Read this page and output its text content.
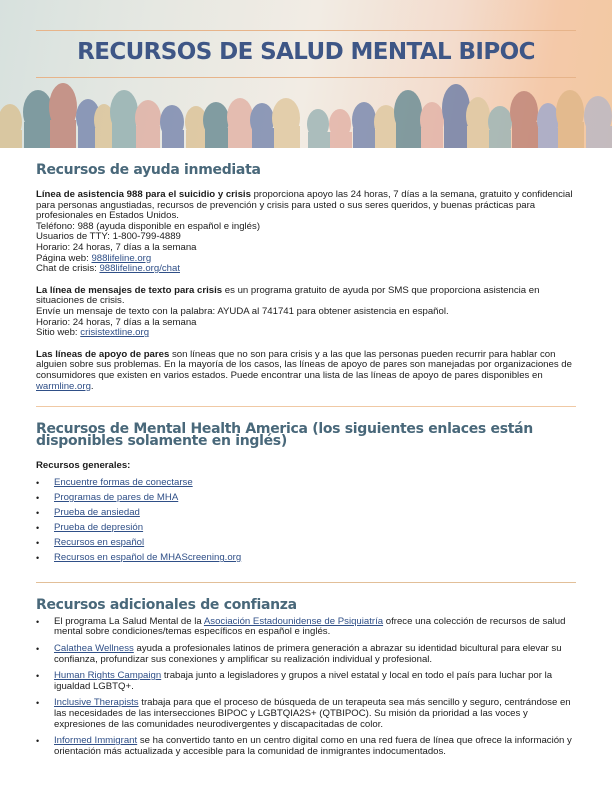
RECURSOS DE SALUD MENTAL BIPOC
Recursos de ayuda inmediata
Línea de asistencia 988 para el suicidio y crisis proporciona apoyo las 24 horas, 7 días a la semana, gratuito y confidencial para personas angustiadas, recursos de prevención y crisis para usted o sus seres queridos, y buenas prácticas para profesionales en Estados Unidos.
Teléfono: 988 (ayuda disponible en español e inglés)
Usuarios de TTY: 1-800-799-4889
Horario: 24 horas, 7 días a la semana
Página web: 988lifeline.org
Chat de crisis: 988lifeline.org/chat
La línea de mensajes de texto para crisis es un programa gratuito de ayuda por SMS que proporciona asistencia en situaciones de crisis.
Envíe un mensaje de texto con la palabra: AYUDA al 741741 para obtener asistencia en español.
Horario: 24 horas, 7 días a la semana
Sitio web: crisistextline.org
Las líneas de apoyo de pares son líneas que no son para crisis y a las que las personas pueden recurrir para hablar con alguien sobre sus problemas. En la mayoría de los casos, las líneas de apoyo de pares son manejadas por organizaciones de consumidores que existen en varios estados. Puede encontrar una lista de las líneas de apoyo de pares disponibles en warmline.org.
Recursos de Mental Health America (los siguientes enlaces están disponibles solamente en inglés)
Recursos generales:
• Encuentre formas de conectarse
• Programas de pares de MHA
• Prueba de ansiedad
• Prueba de depresión
• Recursos en español
• Recursos en español de MHAScreening.org
Recursos adicionales de confianza
• El programa La Salud Mental de la Asociación Estadounidense de Psiquiatría ofrece una colección de recursos de salud mental sobre condiciones/temas específicos en español e inglés.
• Calathea Wellness ayuda a profesionales latinos de primera generación a abrazar su identidad bicultural para elevar su confianza, profundizar sus conexiones y amplificar su realización individual y profesional.
• Human Rights Campaign trabaja junto a legisladores y grupos a nivel estatal y local en todo el país para luchar por la igualdad LGBTQ+.
• Inclusive Therapists trabaja para que el proceso de búsqueda de un terapeuta sea más sencillo y seguro, centrándose en las necesidades de las intersecciones BIPOC y LGBTQIA2S+ (QTBIPOC). Su misión da prioridad a las voces y expresiones de las comunidades neurodivergentes y discapacitadas de color.
• Informed Immigrant se ha convertido tanto en un centro digital como en una red fuera de línea que ofrece la información y orientación más actualizada y accesible para la comunidad de inmigrantes indocumentados.
